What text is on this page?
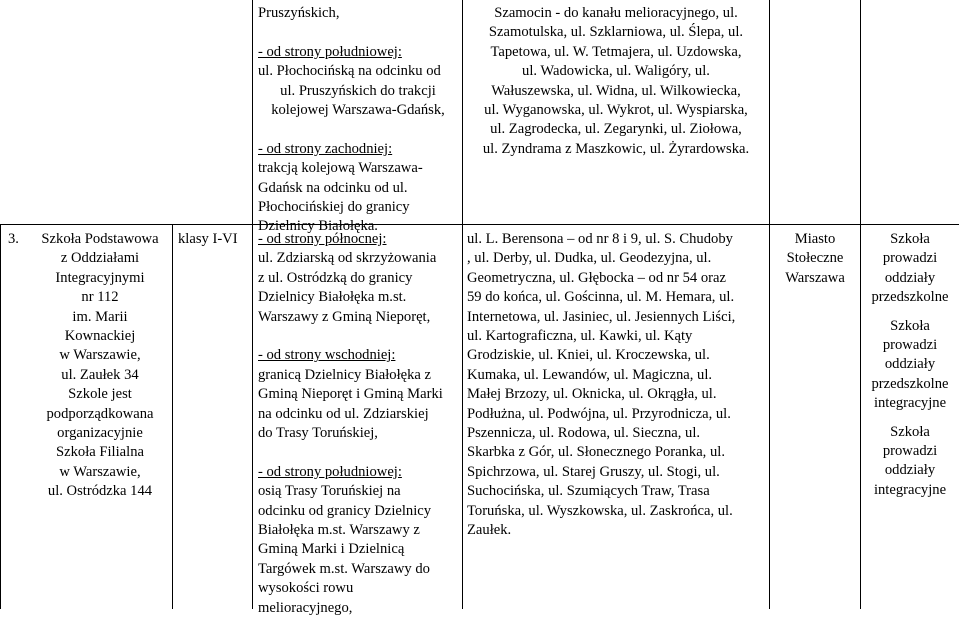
Pruszyńskich,
- od strony południowej:
ul. Płochocińską na odcinku od
ul. Pruszyńskich do trakcji
kolejowej Warszawa-Gdańsk,
- od strony zachodniej:
trakcją kolejową Warszawa-
Gdańsk na odcinku od ul.
Płochocińskiej do granicy
Dzielnicy Białołęka.
Szamocin - do kanału melioracyjnego, ul.
Szamotulska, ul. Szklarniowa, ul. Ślepa, ul.
Tapetowa, ul. W. Tetmajera, ul. Uzdowska,
ul. Wadowicka, ul. Waligóry, ul.
Wałuszewska, ul. Widna, ul. Wilkowiecka,
ul. Wyganowska, ul. Wykrot, ul. Wyspiarska,
ul. Zagrodecka, ul. Zegarynki, ul. Ziołowa,
ul. Zyndrama z Maszkowic, ul. Żyrardowska.
3.	Szkoła Podstawowa
z Oddziałami
Integracyjnymi
nr 112
im. Marii
Kownackiej
w Warszawie,
ul. Zaułek 34
Szkole jest
podporządkowana
organizacyjnie
Szkoła Filialna
w Warszawie,
ul. Ostródzka 144
klasy I-VI - od strony północnej:
ul. Zdziarską od skrzyżowania
z ul. Ostródzką do granicy
Dzielnicy Białołęka m.st.
Warszawy z Gminą Nieporęt,
- od strony wschodniej:
granicą Dzielnicy Białołęka z
Gminą Nieporęt i Gminą Marki
na odcinku od ul. Zdziarskiej
do Trasy Toruńskiej,
- od strony południowej:
osią Trasy Toruńskiej na
odcinku od granicy Dzielnicy
Białołęka m.st. Warszawy z
Gminą Marki i Dzielnicą
Targówek m.st. Warszawy do
wysokości rowu
melioracyjnego,
ul. L. Berensona – od nr 8 i 9, ul. S. Chudoby
, ul. Derby, ul. Dudka, ul. Geodezyjna, ul.
Geometryczna, ul. Głębocka – od nr 54 oraz
59 do końca, ul. Gościnna, ul. M. Hemara, ul.
Internetowa, ul. Jasiniec, ul. Jesiennych Liści,
ul. Kartograficzna, ul. Kawki, ul. Kąty
Grodziskie, ul. Kniei, ul. Kroczewska, ul.
Kumaka, ul. Lewandów, ul. Magiczna, ul.
Małej Brzozy, ul. Oknicka, ul. Okrągła, ul.
Podłużna, ul. Podwójna, ul. Przyrodnicza, ul.
Pszennicza, ul. Rodowa, ul. Sieczna, ul.
Skarbka z Gór, ul. Słonecznego Poranka, ul.
Spichrzowa, ul. Starej Gruszy, ul. Stogi, ul.
Suchocińska, ul. Szumiących Traw, Trasa
Toruńska, ul. Wyszkowska, ul. Zaskrońca, ul.
Zaułek.
Miasto
Stołeczne
Warszawa
Szkoła
prowadzi
oddziały
przedszkolne
Szkoła
prowadzi
oddziały
przedszkolne
integracyjne
Szkoła
prowadzi
oddziały
integracyjne
